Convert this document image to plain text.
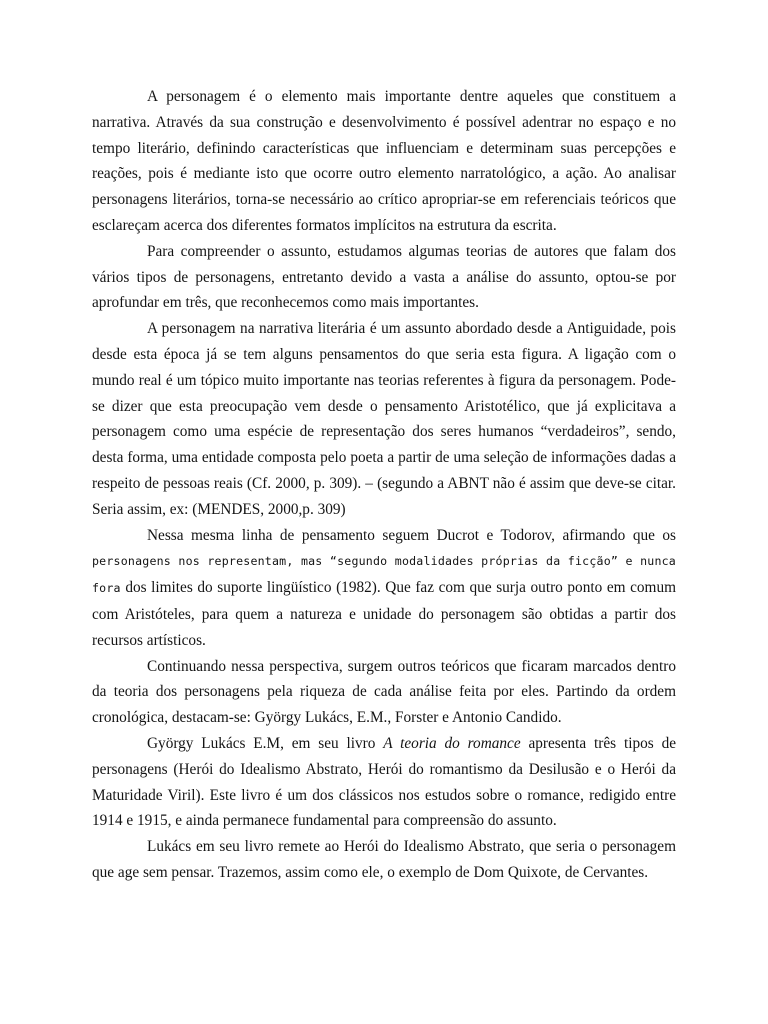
A personagem é o elemento mais importante dentre aqueles que constituem a narrativa. Através da sua construção e desenvolvimento é possível adentrar no espaço e no tempo literário, definindo características que influenciam e determinam suas percepções e reações, pois é mediante isto que ocorre outro elemento narratológico, a ação. Ao analisar personagens literários, torna-se necessário ao crítico apropriar-se em referenciais teóricos que esclareçam acerca dos diferentes formatos implícitos na estrutura da escrita.

Para compreender o assunto, estudamos algumas teorias de autores que falam dos vários tipos de personagens, entretanto devido a vasta a análise do assunto, optou-se por aprofundar em três, que reconhecemos como mais importantes.

A personagem na narrativa literária é um assunto abordado desde a Antiguidade, pois desde esta época já se tem alguns pensamentos do que seria esta figura. A ligação com o mundo real é um tópico muito importante nas teorias referentes à figura da personagem. Pode-se dizer que esta preocupação vem desde o pensamento Aristotélico, que já explicitava a personagem como uma espécie de representação dos seres humanos “verdadeiros”, sendo, desta forma, uma entidade composta pelo poeta a partir de uma seleção de informações dadas a respeito de pessoas reais (Cf. 2000, p. 309). – (segundo a ABNT não é assim que deve-se citar. Seria assim, ex: (MENDES, 2000,p. 309)

Nessa mesma linha de pensamento seguem Ducrot e Todorov, afirmando que os personagens nos representam, mas “segundo modalidades próprias da ficção” e nunca fora dos limites do suporte lingüístico (1982). Que faz com que surja outro ponto em comum com Aristóteles, para quem a natureza e unidade do personagem são obtidas a partir dos recursos artísticos.

Continuando nessa perspectiva, surgem outros teóricos que ficaram marcados dentro da teoria dos personagens pela riqueza de cada análise feita por eles. Partindo da ordem cronológica, destacam-se: György Lukács, E.M., Forster e Antonio Candido.

György Lukács E.M, em seu livro A teoria do romance apresenta três tipos de personagens (Herói do Idealismo Abstrato, Herói do romantismo da Desilusão e o Herói da Maturidade Viril). Este livro é um dos clássicos nos estudos sobre o romance, redigido entre 1914 e 1915, e ainda permanece fundamental para compreensão do assunto.

Lukács em seu livro remete ao Herói do Idealismo Abstrato, que seria o personagem que age sem pensar. Trazemos, assim como ele, o exemplo de Dom Quixote, de Cervantes.
